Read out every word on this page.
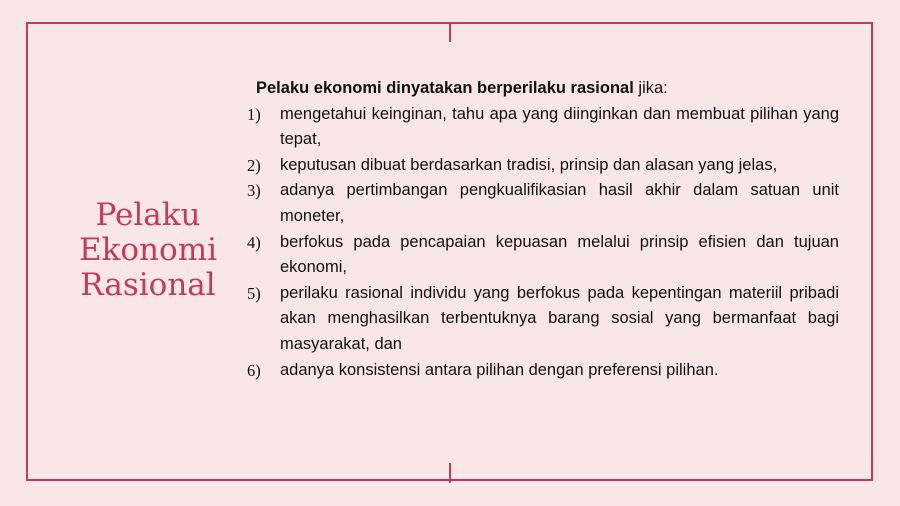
Pelaku
Ekonomi
Rasional
Pelaku ekonomi dinyatakan berperilaku rasional jika:
1)	mengetahui keinginan, tahu apa yang diinginkan dan membuat pilihan yang tepat,
2)	keputusan dibuat berdasarkan tradisi, prinsip dan alasan yang jelas,
3)	adanya pertimbangan pengkualifikasian hasil akhir dalam satuan unit moneter,
4)	berfokus pada pencapaian kepuasan melalui prinsip efisien dan tujuan ekonomi,
5)	perilaku rasional individu yang berfokus pada kepentingan materiil pribadi akan menghasilkan terbentuknya barang sosial yang bermanfaat bagi masyarakat, dan
6)	adanya konsistensi antara pilihan dengan preferensi pilihan.
